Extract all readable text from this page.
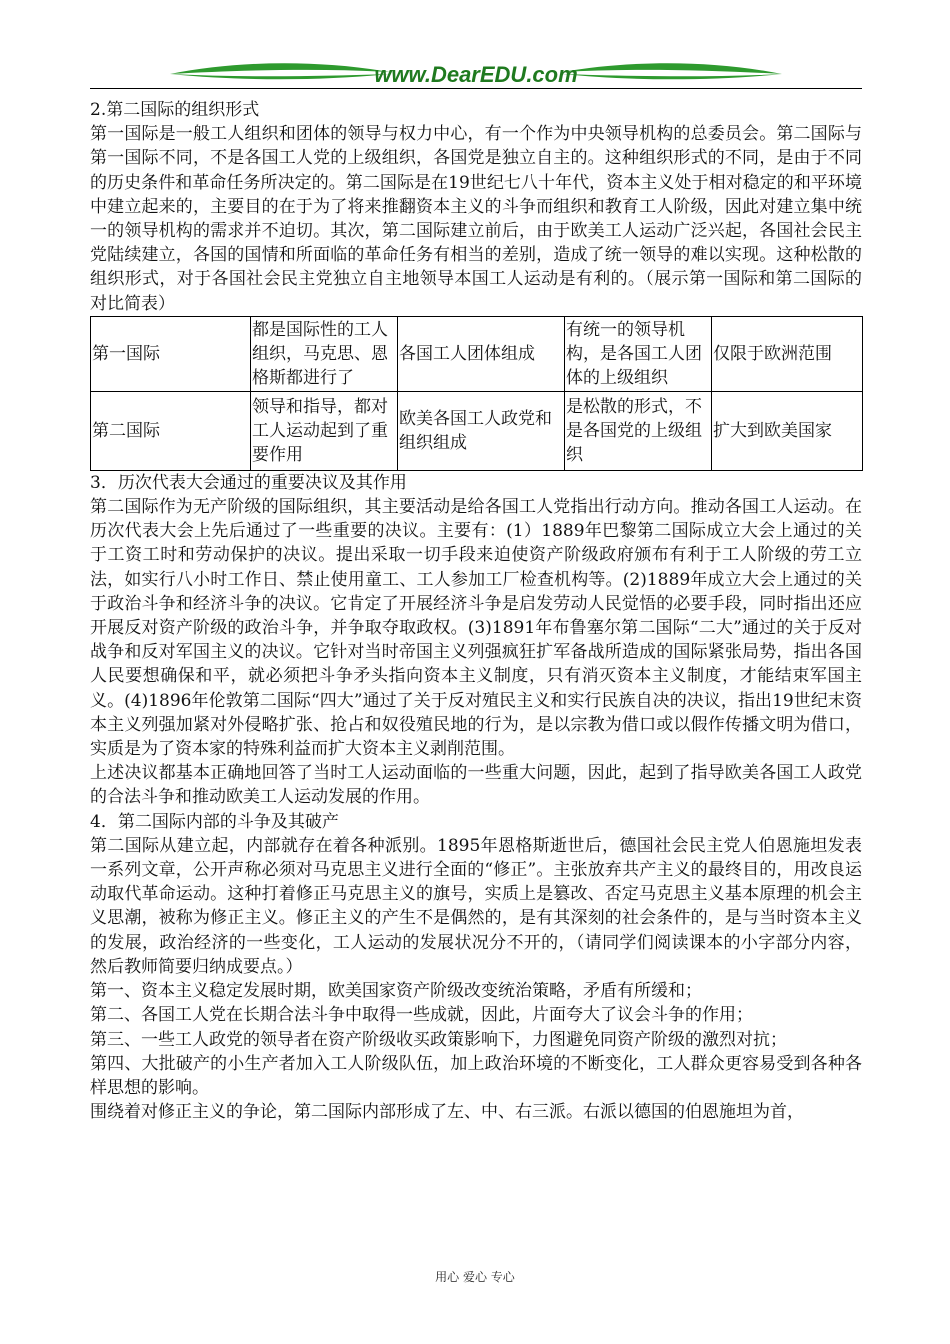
www.DearEDU.com

2.第二国际的组织形式

第一国际是一般工人组织和团体的领导与权力中心，有一个作为中央领导机构的总委员会。第二国际与第一国际不同，不是各国工人党的上级组织，各国党是独立自主的。这种组织形式的不同，是由于不同的历史条件和革命任务所决定的。第二国际是在19世纪七八十年代，资本主义处于相对稳定的和平环境中建立起来的，主要目的在于为了将来推翻资本主义的斗争而组织和教育工人阶级，因此对建立集中统一的领导机构的需求并不迫切。其次，第二国际建立前后，由于欧美工人运动广泛兴起，各国社会民主党陆续建立，各国的国情和所面临的革命任务有相当的差别，造成了统一领导的难以实现。这种松散的组织形式，对于各国社会民主党独立自主地领导本国工人运动是有利的。（展示第一国际和第二国际的对比简表）

第一国际	都是国际性的工人组织，马克思、恩格斯都进行了	各国工人团体组成	有统一的领导机构，是各国工人团体的上级组织	仅限于欧洲范围
第二国际	领导和指导，都对工人运动起到了重要作用	欧美各国工人政党和组织组成	是松散的形式，不是各国党的上级组织	扩大到欧美国家

3．历次代表大会通过的重要决议及其作用

第二国际作为无产阶级的国际组织，其主要活动是给各国工人党指出行动方向。推动各国工人运动。在历次代表大会上先后通过了一些重要的决议。主要有：(1）1889年巴黎第二国际成立大会上通过的关于工资工时和劳动保护的决议。提出采取一切手段来迫使资产阶级政府颁布有利于工人阶级的劳工立法，如实行八小时工作日、禁止使用童工、工人参加工厂检查机构等。(2)1889年成立大会上通过的关于政治斗争和经济斗争的决议。它肯定了开展经济斗争是启发劳动人民觉悟的必要手段，同时指出还应开展反对资产阶级的政治斗争，并争取夺取政权。(3)1891年布鲁塞尔第二国际“二大”通过的关于反对战争和反对军国主义的决议。它针对当时帝国主义列强疯狂扩军备战所造成的国际紧张局势，指出各国人民要想确保和平，就必须把斗争矛头指向资本主义制度，只有消灭资本主义制度，才能结束军国主义。(4)1896年伦敦第二国际“四大”通过了关于反对殖民主义和实行民族自决的决议，指出19世纪末资本主义列强加紧对外侵略扩张、抢占和奴役殖民地的行为，是以宗教为借口或以假作传播文明为借口，实质是为了资本家的特殊利益而扩大资本主义剥削范围。

上述决议都基本正确地回答了当时工人运动面临的一些重大问题，因此，起到了指导欧美各国工人政党的合法斗争和推动欧美工人运动发展的作用。

4．第二国际内部的斗争及其破产

第二国际从建立起，内部就存在着各种派别。1895年恩格斯逝世后，德国社会民主党人伯恩施坦发表一系列文章，公开声称必须对马克思主义进行全面的“修正”。主张放弃共产主义的最终目的，用改良运动取代革命运动。这种打着修正马克思主义的旗号，实质上是篡改、否定马克思主义基本原理的机会主义思潮，被称为修正主义。修正主义的产生不是偶然的，是有其深刻的社会条件的，是与当时资本主义的发展，政治经济的一些变化，工人运动的发展状况分不开的，（请同学们阅读课本的小字部分内容，然后教师简要归纳成要点。）

第一、资本主义稳定发展时期，欧美国家资产阶级改变统治策略，矛盾有所缓和；

第二、各国工人党在长期合法斗争中取得一些成就，因此，片面夸大了议会斗争的作用；

第三、一些工人政党的领导者在资产阶级收买政策影响下，力图避免同资产阶级的激烈对抗；

第四、大批破产的小生产者加入工人阶级队伍，加上政治环境的不断变化，工人群众更容易受到各种各样思想的影响。

围绕着对修正主义的争论，第二国际内部形成了左、中、右三派。右派以德国的伯恩施坦为首，

用心 爱心 专心
